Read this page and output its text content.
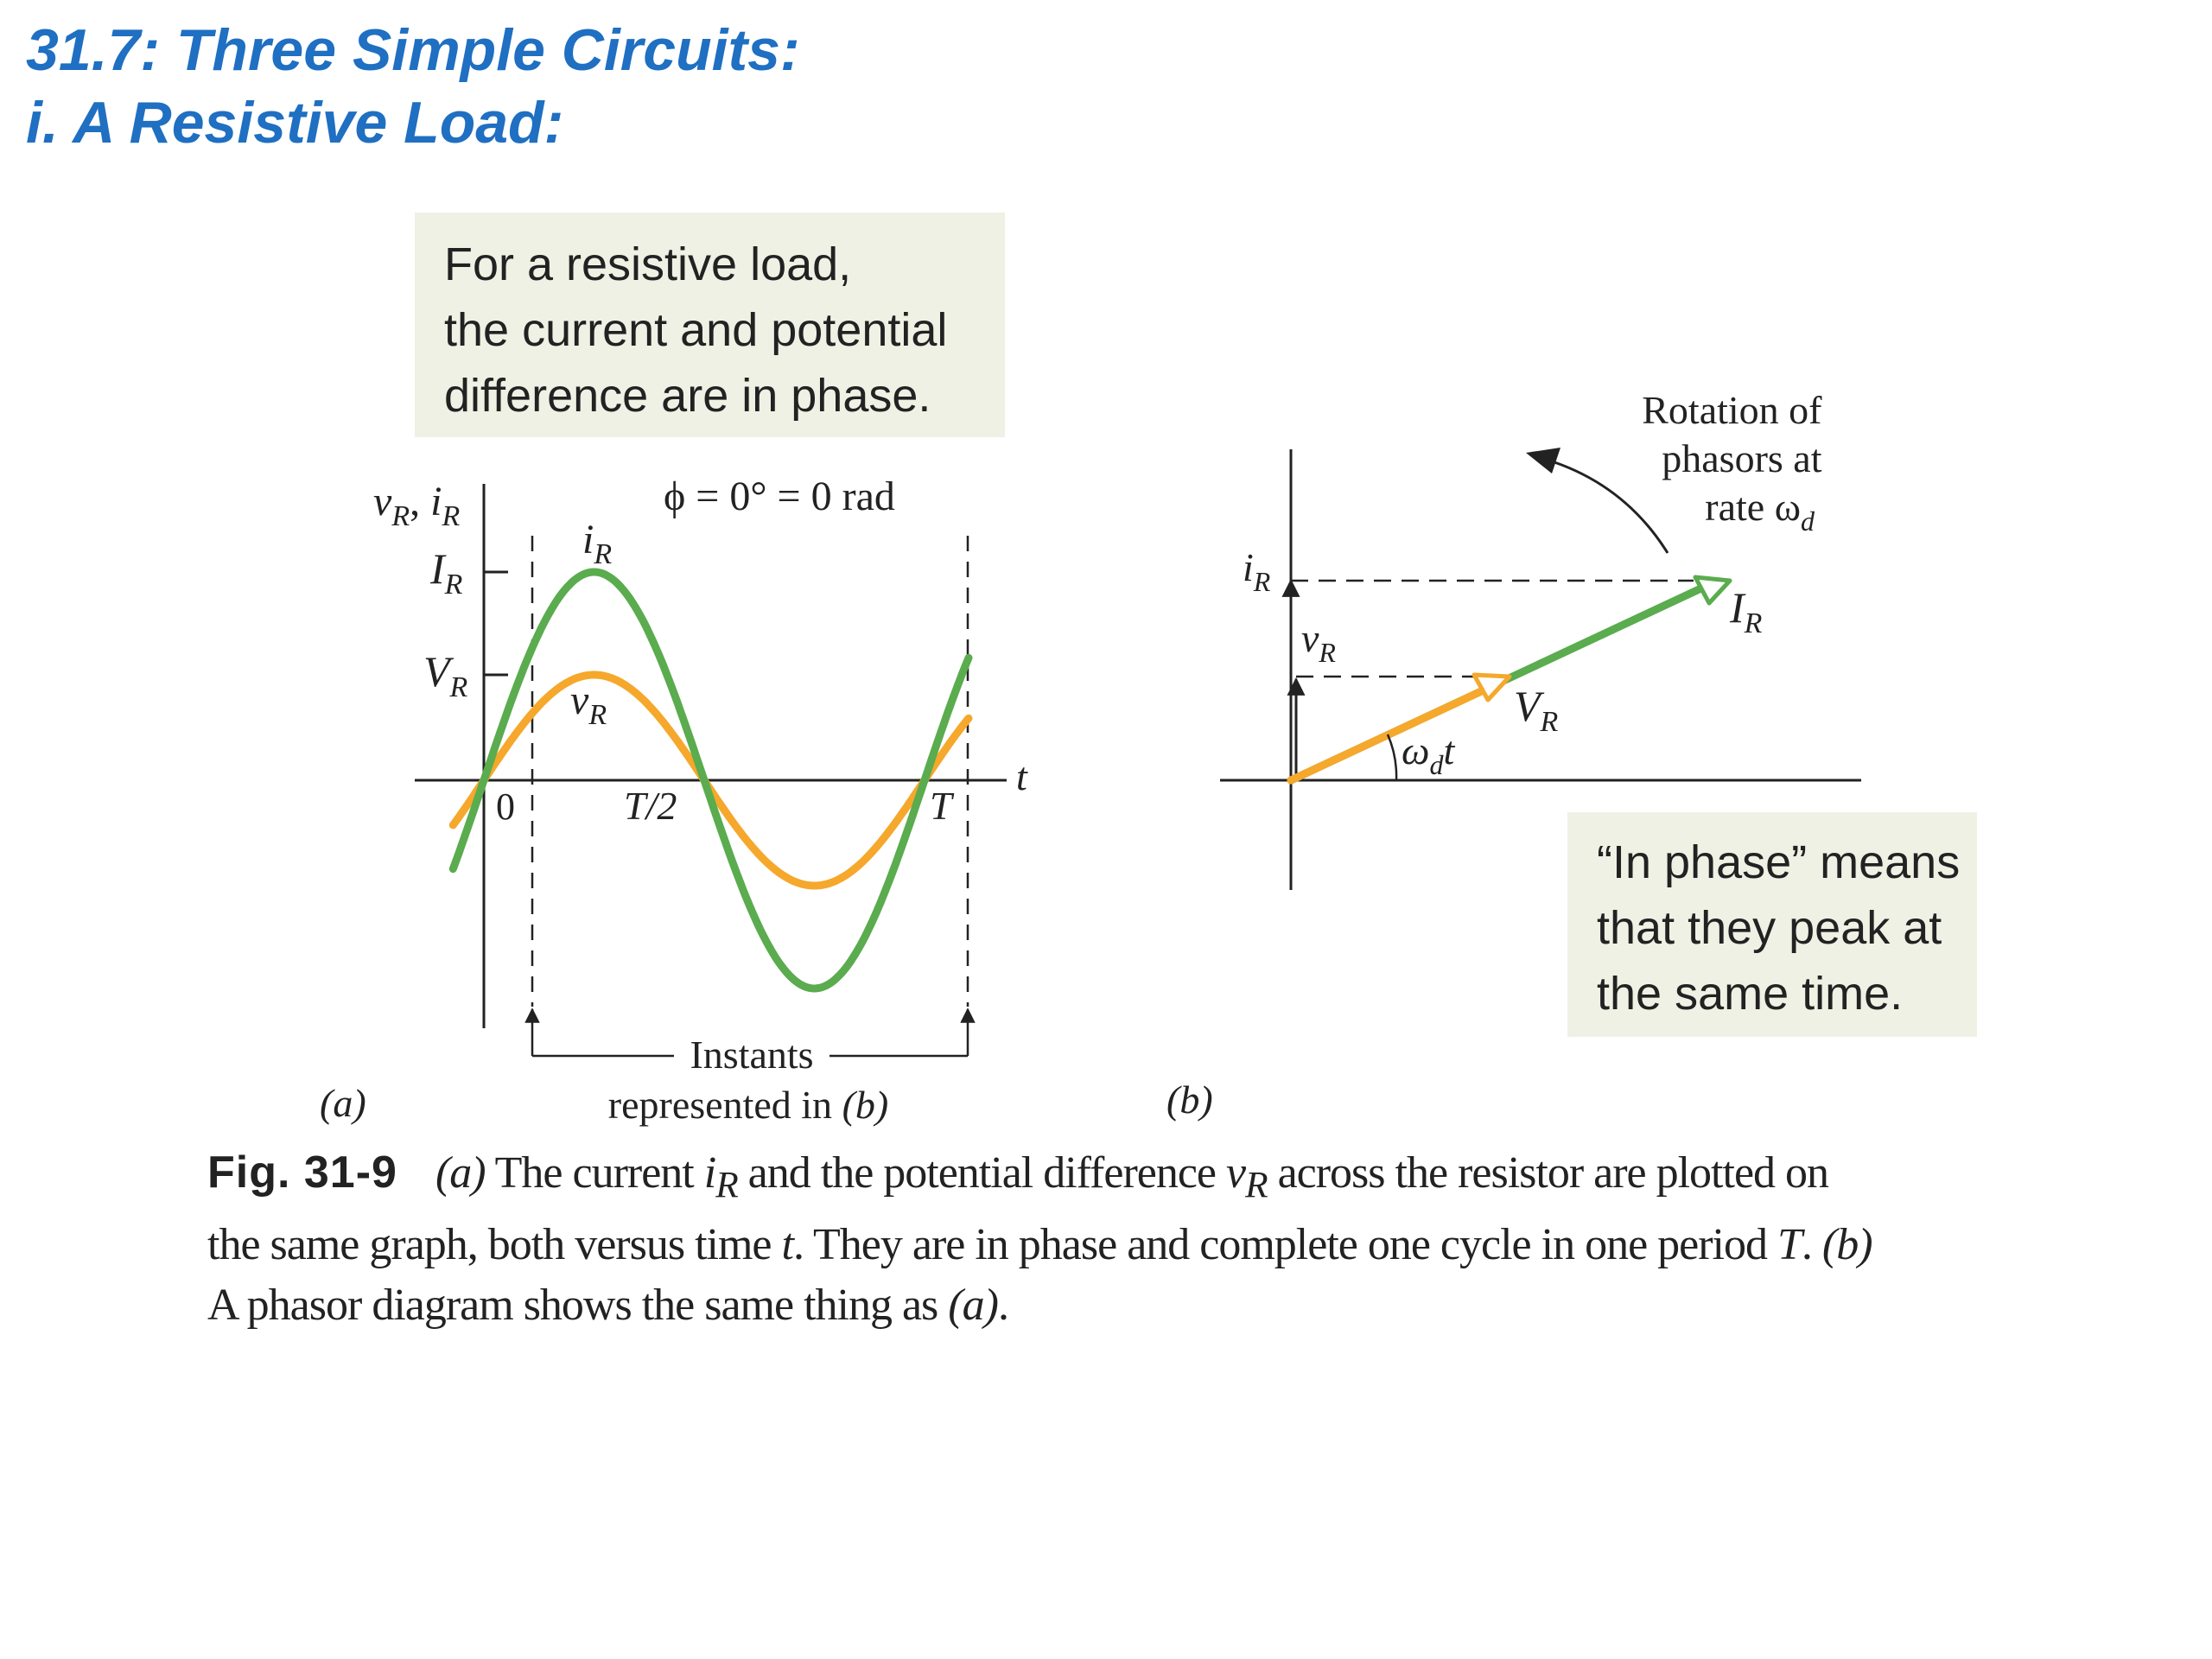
31.7: Three Simple Circuits:
i. A Resistive Load:
For a resistive load,
the current and potential
difference are in phase.
“In phase” means
that they peak at
the same time.
ϕ = 0° = 0 rad
$v_R$, $i_R$
$I_R$
$V_R$
0	T/2	T
t
$i_R$
$v_R$
Instants
represented in (b)
(a)
Rotation of phasors at rate $\omega_d$
$i_R$
$v_R$
$I_R$
$V_R$
$\omega_dt$
(b)
Fig. 31-9 (a) The current $i_R$ and the potential difference $v_R$ across the resistor are plotted on
the same graph, both versus time t. They are in phase and complete one cycle in one period T. (b)
A phasor diagram shows the same thing as (a).
